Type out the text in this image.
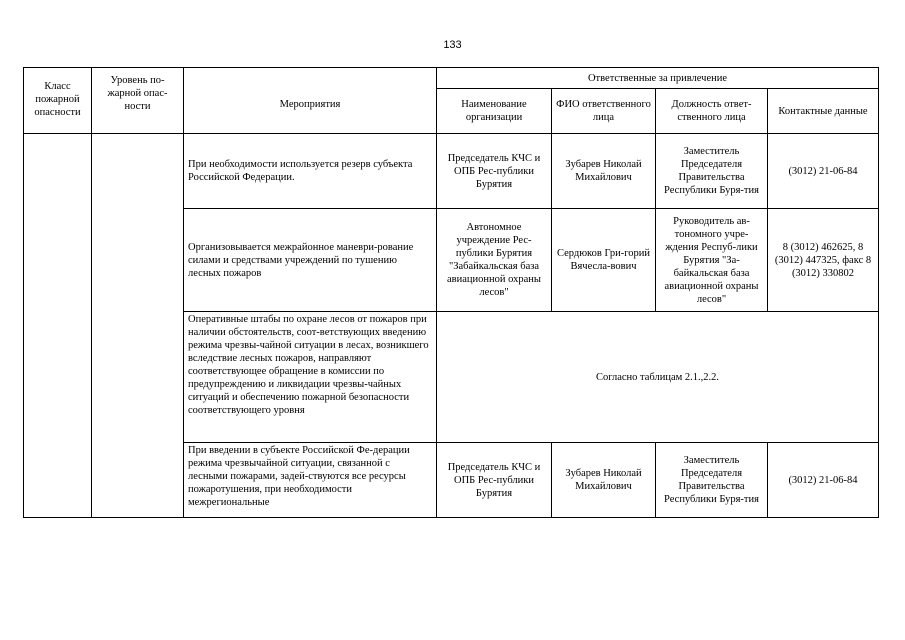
133
Класс пожарной опасности	Уровень по-жарной опас-ности	Мероприятия	Ответственные за привлечение			
			Наименование организации	ФИО ответственного лица	Должность ответ-ственного лица	Контактные данные
		При необходимости используется резерв субъекта Российской Федерации.	Председатель КЧС и ОПБ Рес-публики Бурятия	Зубарев Николай Михайлович	Заместитель Председателя Правительства Республики Буря-тия	(3012) 21-06-84
		Организовывается межрайонное маневри-рование силами и средствами учреждений по тушению лесных пожаров	Автономное учреждение Рес-публики Бурятия "Забайкальская база авиационной охраны лесов"	Сердюков Гри-горий Вячесла-вович	Руководитель ав-тономного учре-ждения Респуб-лики Бурятия "За-байкальская база авиационной охраны лесов"	8 (3012) 462625, 8 (3012) 447325, факс 8 (3012) 330802
		Оперативные штабы по охране лесов от пожаров при наличии обстоятельств, соот-ветствующих введению режима чрезвы-чайной ситуации в лесах, возникшего вследствие лесных пожаров, направляют соответствующее обращение в комиссии по предупреждению и ликвидации чрезвы-чайных ситуаций и обеспечению пожарной безопасности соответствующего уровня	Согласно таблицам 2.1.,2.2.			
		При введении в субъекте Российской Фе-дерации режима чрезвычайной ситуации, связанной с лесными пожарами, задей-ствуются все ресурсы пожаротушения, при необходимости межрегиональные	Председатель КЧС и ОПБ Рес-публики Бурятия	Зубарев Николай Михайлович	Заместитель Председателя Правительства Республики Буря-тия	(3012) 21-06-84
